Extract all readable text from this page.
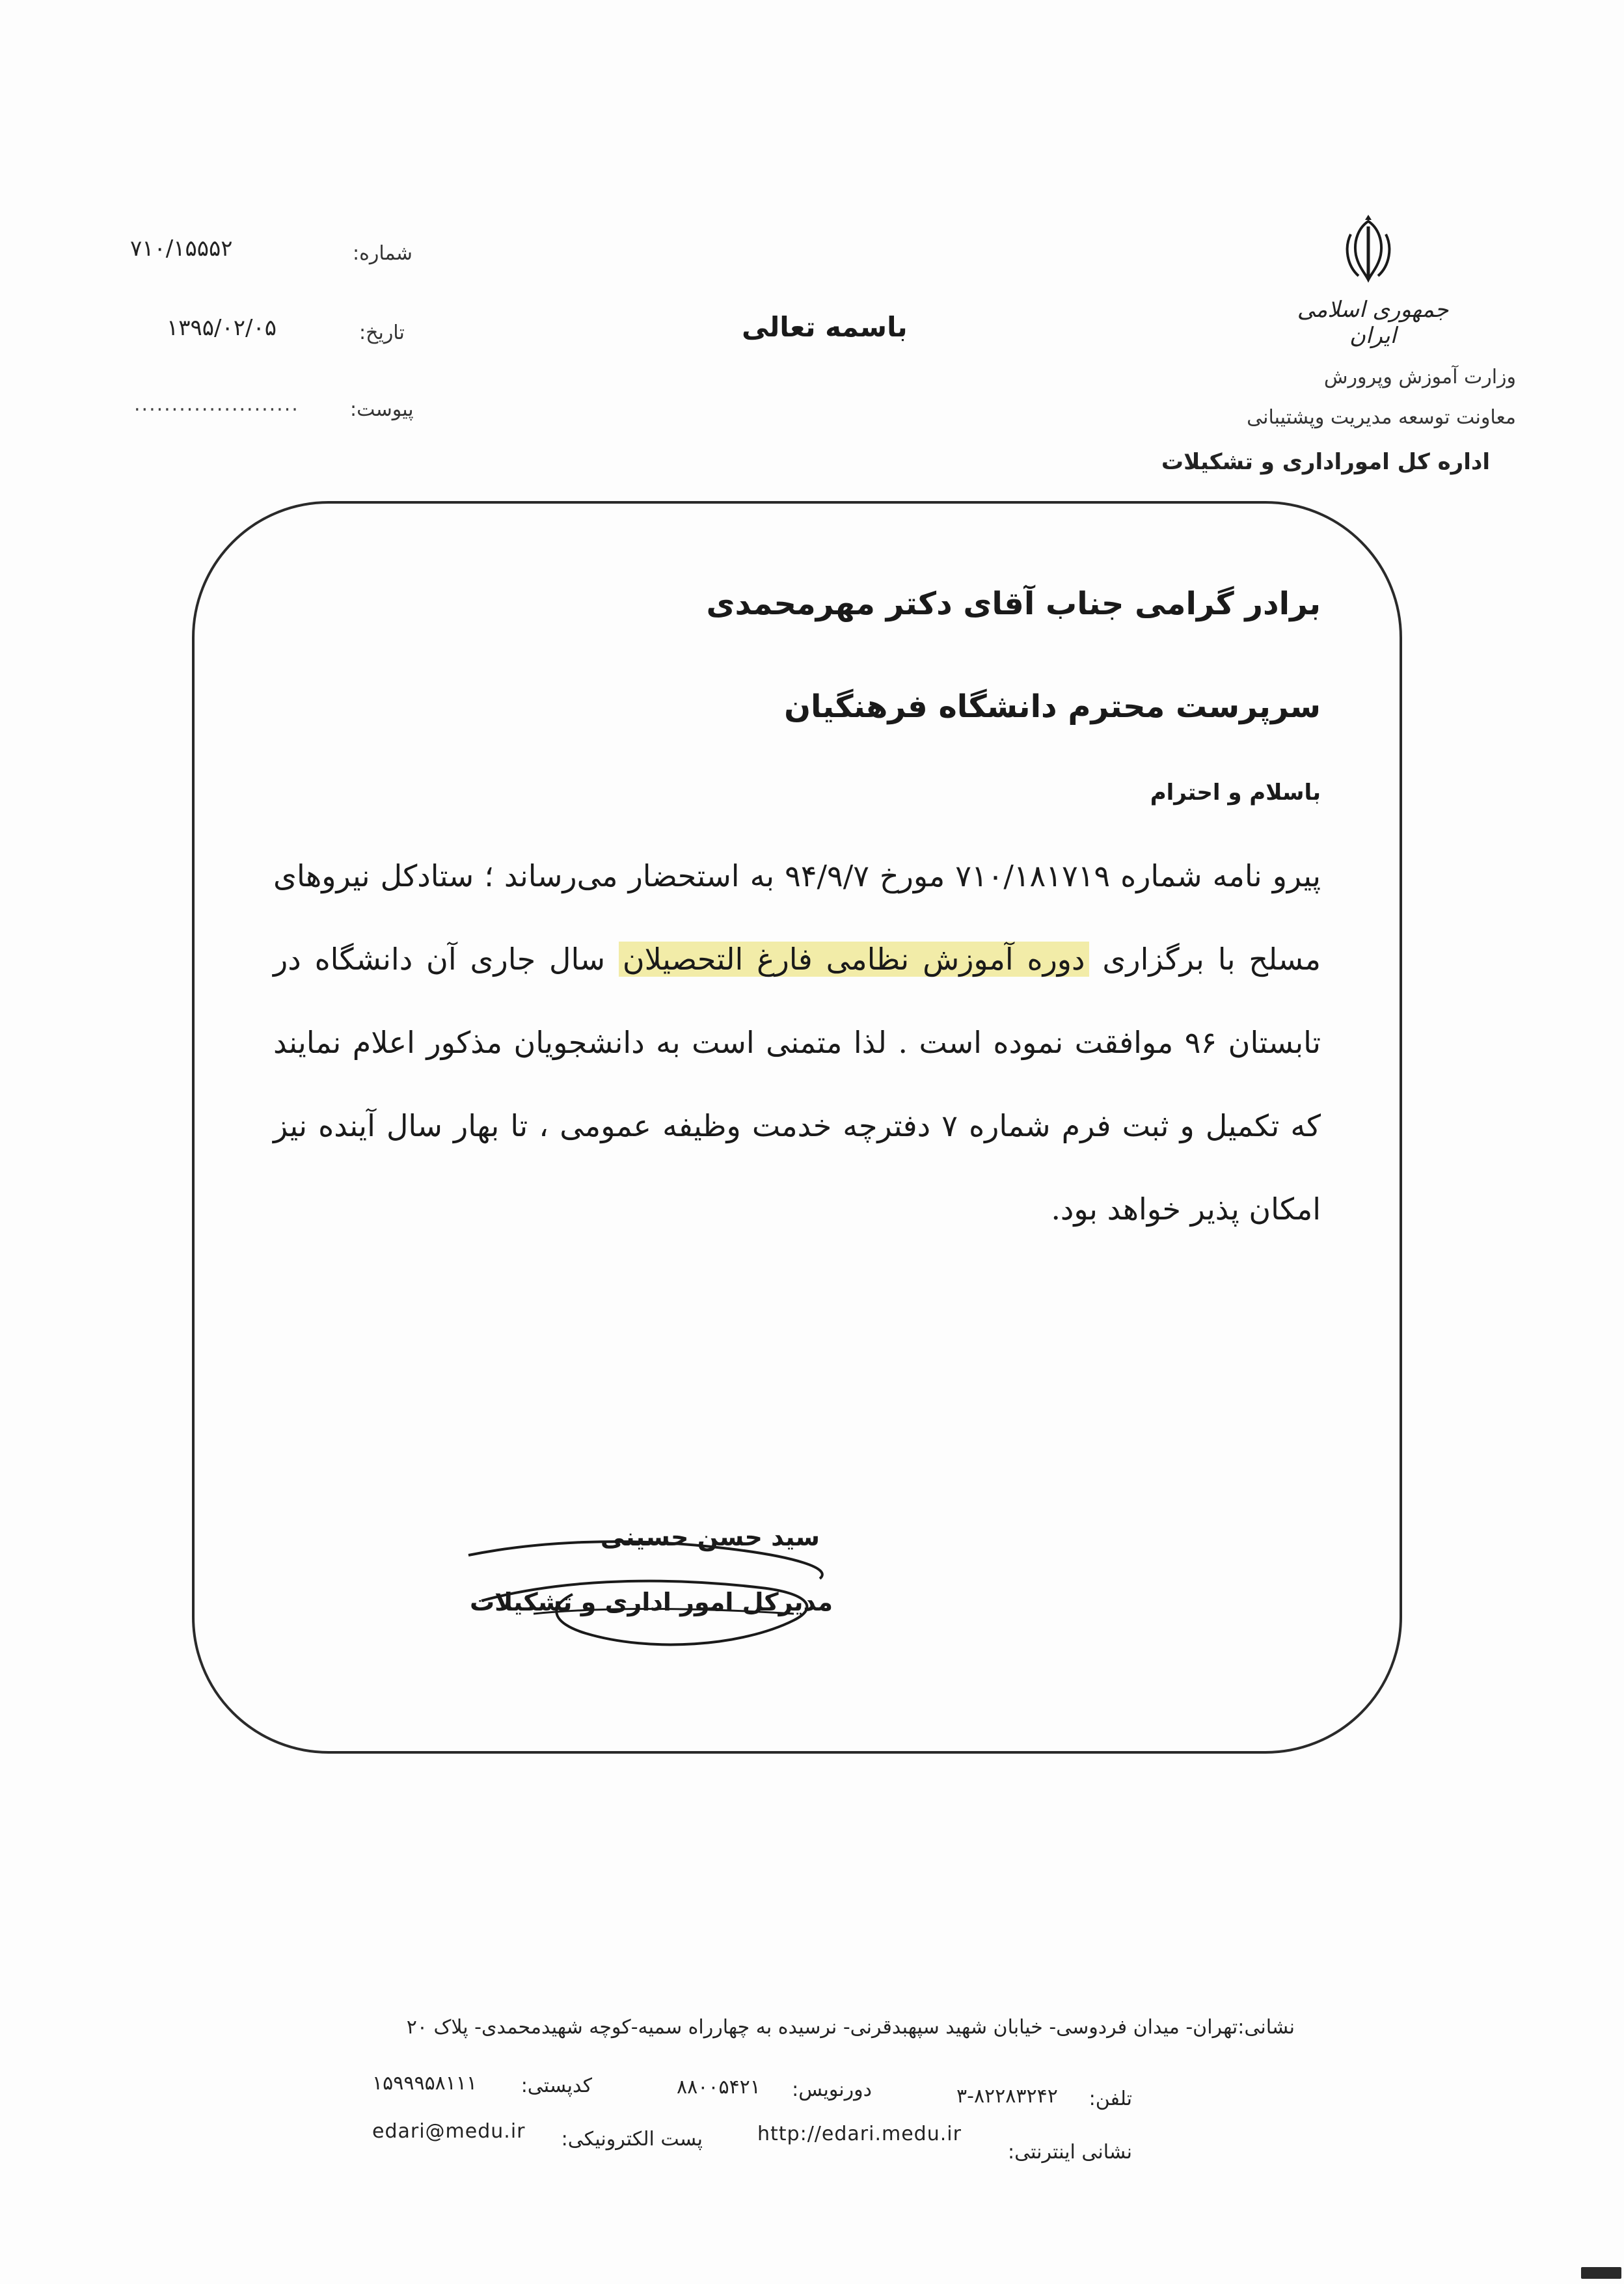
شماره:
۷۱۰/۱۵۵۵۲
تاریخ:
۱۳۹۵/۰۲/۰۵
پیوست:
......................
باسمه تعالی
جمهوری اسلامی ایران
وزارت آموزش وپرورش
معاونت توسعه مدیریت وپشتیبانی
اداره کل اموراداری و تشکیلات
برادر گرامی جناب آقای دکتر مهرمحمدی
سرپرست محترم دانشگاه فرهنگیان
باسلام و احترام
پیرو نامه شماره ۷۱۰/۱۸۱۷۱۹ مورخ ۹۴/۹/۷ به استحضار می‌رساند ؛ ستادکل نیروهای مسلح با برگزاری دوره آموزش نظامی فارغ التحصیلان سال جاری آن دانشگاه در تابستان ۹۶ موافقت نموده است . لذا متمنی است به دانشجویان مذکور اعلام نمایند که تکمیل و ثبت فرم شماره ۷ دفترچه خدمت وظیفه عمومی ، تا بهار سال آینده نیز امکان پذیر خواهد بود.
سید حسن حسینی
مدیرکل امور اداری و تشکیلات
نشانی:تهران- میدان فردوسی- خیابان شهید سپهبدقرنی- نرسیده به چهارراه سمیه-کوچه شهیدمحمدی- پلاک ۲۰
تلفن:
۳-۸۲۲۸۳۲۴۲
دورنویس:
۸۸۰۰۵۴۲۱
کدپستی:
۱۵۹۹۹۵۸۱۱۱
نشانی اینترنتی:
http://edari.medu.ir
پست الکترونیکی:
edari@medu.ir
